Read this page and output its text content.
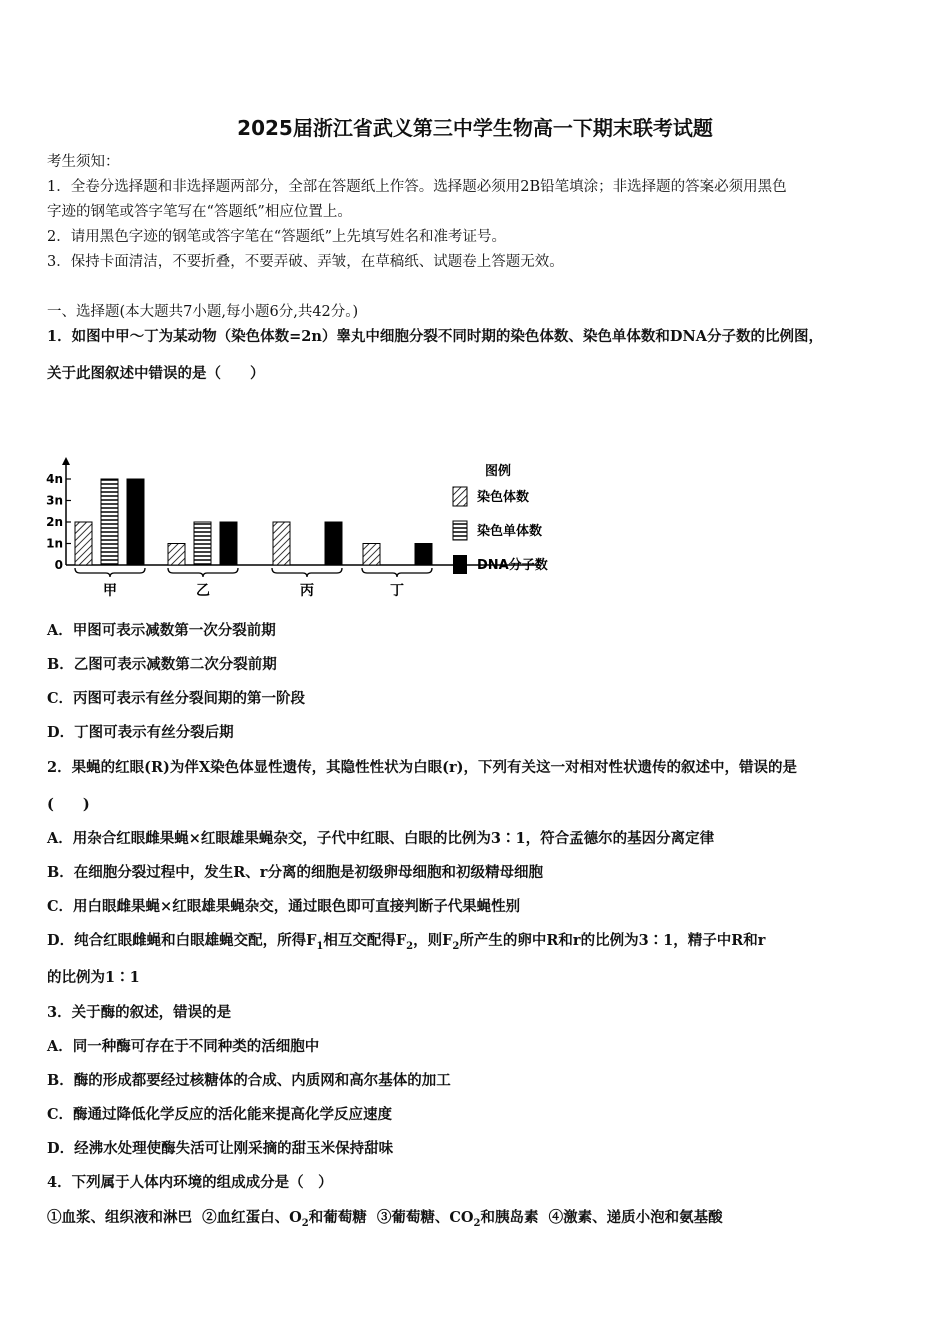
2025届浙江省武义第三中学生物高一下期末联考试题
考生须知：
1．全卷分选择题和非选择题两部分，全部在答题纸上作答。选择题必须用2B铅笔填涂；非选择题的答案必须用黑色
字迹的钢笔或答字笔写在“答题纸”相应位置上。
2．请用黑色字迹的钢笔或答字笔在“答题纸”上先填写姓名和准考证号。
3．保持卡面清洁，不要折叠，不要弄破、弄皱，在草稿纸、试题卷上答题无效。
一、选择题(本大题共7小题,每小题6分,共42分。)
1．如图中甲～丁为某动物（染色体数=2n）睾丸中细胞分裂不同时期的染色体数、染色单体数和DNA分子数的比例图，
关于此图叙述中错误的是（　　）
0
1n
2n
3n
4n
甲	乙	丙	丁
图例
染色体数
染色单体数
DNA分子数
A．甲图可表示减数第一次分裂前期
B．乙图可表示减数第二次分裂前期
C．丙图可表示有丝分裂间期的第一阶段
D．丁图可表示有丝分裂后期
2．果蝇的红眼(R)为伴X染色体显性遗传，其隐性性状为白眼(r)，下列有关这一对相对性状遗传的叙述中，错误的是
(　　)
A．用杂合红眼雌果蝇×红眼雄果蝇杂交，子代中红眼、白眼的比例为3∶1，符合孟德尔的基因分离定律
B．在细胞分裂过程中，发生R、r分离的细胞是初级卵母细胞和初级精母细胞
C．用白眼雌果蝇×红眼雄果蝇杂交，通过眼色即可直接判断子代果蝇性别
D．纯合红眼雌蝇和白眼雄蝇交配，所得$F_1$相互交配得$F_2$，则$F_2$所产生的卵中R和r的比例为3∶1，精子中R和r
的比例为1∶1
3．关于酶的叙述，错误的是
A．同一种酶可存在于不同种类的活细胞中
B．酶的形成都要经过核糖体的合成、内质网和高尔基体的加工
C．酶通过降低化学反应的活化能来提高化学反应速度
D．经沸水处理使酶失活可让刚采摘的甜玉米保持甜味
4．下列属于人体内环境的组成成分是（　）
①血浆、组织液和淋巴 ②血红蛋白、$O_2$和葡萄糖 ③葡萄糖、$CO_2$和胰岛素 ④激素、递质小泡和氨基酸
